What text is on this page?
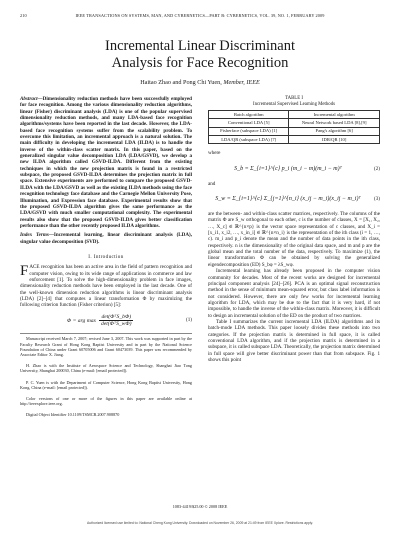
210	IEEE TRANSACTIONS ON SYSTEMS, MAN, AND CYBERNETICS—PART B: CYBERNETICS, VOL. 39, NO. 1, FEBRUARY 2009
Incremental Linear Discriminant
Analysis for Face Recognition
Haitao Zhao and Pong Chi Yuen, Member, IEEE

Abstract—Dimensionality reduction methods have been successfully employed for face recognition. Among the various dimensionality reduction algorithms, linear (Fisher) discriminant analysis (LDA) is one of the popular supervised dimensionality reduction methods, and many LDA-based face recognition algorithms/systems have been reported in the last decade. However, the LDA-based face recognition systems suffer from the scalability problem. To overcome this limitation, an incremental approach is a natural solution. The main difficulty in developing the incremental LDA (ILDA) is to handle the inverse of the within-class scatter matrix. In this paper, based on the generalized singular value decomposition LDA (LDA/GSVD), we develop a new ILDA algorithm called GSVD-ILDA. Different from the existing techniques in which the new projection matrix is found in a restricted subspace, the proposed GSVD-ILDA determines the projection matrix in full space. Extensive experiments are performed to compare the proposed GSVD-ILDA with the LDA/GSVD as well as the existing ILDA methods using the face recognition technology face database and the Carnegie Mellon University Pose, Illumination, and Expression face database. Experimental results show that the proposed GSVD-ILDA algorithm gives the same performance as the LDA/GSVD with much smaller computational complexity. The experimental results also show that the proposed GSVD-ILDA gives better classification performance than the other recently proposed ILDA algorithms.

Index Terms—Incremental learning, linear discriminant analysis (LDA), singular value decomposition (SVD).

I. Introduction

FACE recognition has been an active area in the field of pattern recognition and computer vision, owing to its wide range of applications in commerce and law enforcement [1]. To solve the high-dimensionality problem in face images, dimensionality reduction methods have been employed in the last decade. One of the well-known dimension reduction algorithms is linear discriminant analysis (LDA) [2]–[4] that computes a linear transformation Φ by maximizing the following criterion function (Fisher criterion) [5]:

Φ = arg $\max \frac{\text{det(ΦᵀS\_bΦ)}}{\text{det(ΦᵀS\_wΦ)}}$	(1)

Manuscript received March 7, 2007; revised June 3, 2007. This work was supported in part by the Faculty Research Grant of Hong Kong Baptist University and in part by the National Science Foundation of China under Grant 60705006 and Grant 60473039. This paper was recommended by Associate Editor X. Jiang.

H. Zhao is with the Institute of Aerospace Science and Technology, Shanghai Jiao Tong University, Shanghai 200030, China (e-mail: [email protected]).

P. C. Yuen is with the Department of Computer Science, Hong Kong Baptist University, Hong Kong, China (e-mail: [email protected]).

Color versions of one or more of the figures in this paper are available online at http://ieeexplore.ieee.org.

Digital Object Identifier 10.1109/TSMCB.2007.908870

TABLE I
Incremental Supervised Learning Methods
Batch algorithm	Incremental algorithm
Conventional LDA [5]	Neural Network based LDA [8],[9]
Fisherface (subspace LDA) [1]	Pang's algorithm [6]
LDA/QR (subspace LDA) [7]	IDR/QR [10]

where

S_b = Σ_{i=1}^{c} p_i (m_i − m)(m_i − m)ᵀ	(2)

and

S_w = Σ_{i=1}^{c} Σ_{j=1}^{n_i} (x_ij − m_i)(x_ij − m_i)ᵀ	(3)

are the between- and within-class scatter matrices, respectively. The columns of the matrix Φ are S_w orthogonal to each other, c is the number of classes, X = [X₁, X₂, …, X_c] ∈ ℝ^{n×p} is the vector space representation of c classes, and X_i = [x_i1, x_i2, …, x_in_i] ∈ ℝ^{n×n_i} is the representation of the ith class (i = 1, …, c). m_i and p_i denote the mean and the number of data points in the ith class, respectively. n is the dimensionality of the original data space, and m and p are the global mean and the total number of the data, respectively. To maximize (1), the linear transformation Φ can be obtained by solving the generalized eigendecomposition (ED) S_bφ = λS_wφ.

Incremental learning has already been proposed in the computer vision community for decades. Most of the recent works are designed for incremental principal component analysis [24]–[26]. PCA is an optimal signal reconstruction method in the sense of minimum mean-squared error, but class label information is not considered. However, there are only few works for incremental learning algorithm for LDA, which may be due to the fact that it is very hard, if not impossible, to handle the inverse of the within-class matrix. Moreover, it is difficult to design an incremental solution of the ED on the product of two matrices.

Table I summarizes the current incremental LDA (ILDA) algorithms and its batch-mode LDA methods. This paper loosely divides these methods into two categories. If the projection matrix is determined in full space, it is called conventional LDA algorithm, and if the projection matrix is determined in a subspace, it is called subspace LDA. Theoretically, the projection matrix determined in full space will give better discriminant power than that from subspace. Fig. 1 shows this point

1083-4419/$25.00 © 2008 IEEE
Authorized licensed use limited to: National Cheng Kung University. Downloaded on November 26, 2009 at 21:49 from IEEE Xplore. Restrictions apply.
